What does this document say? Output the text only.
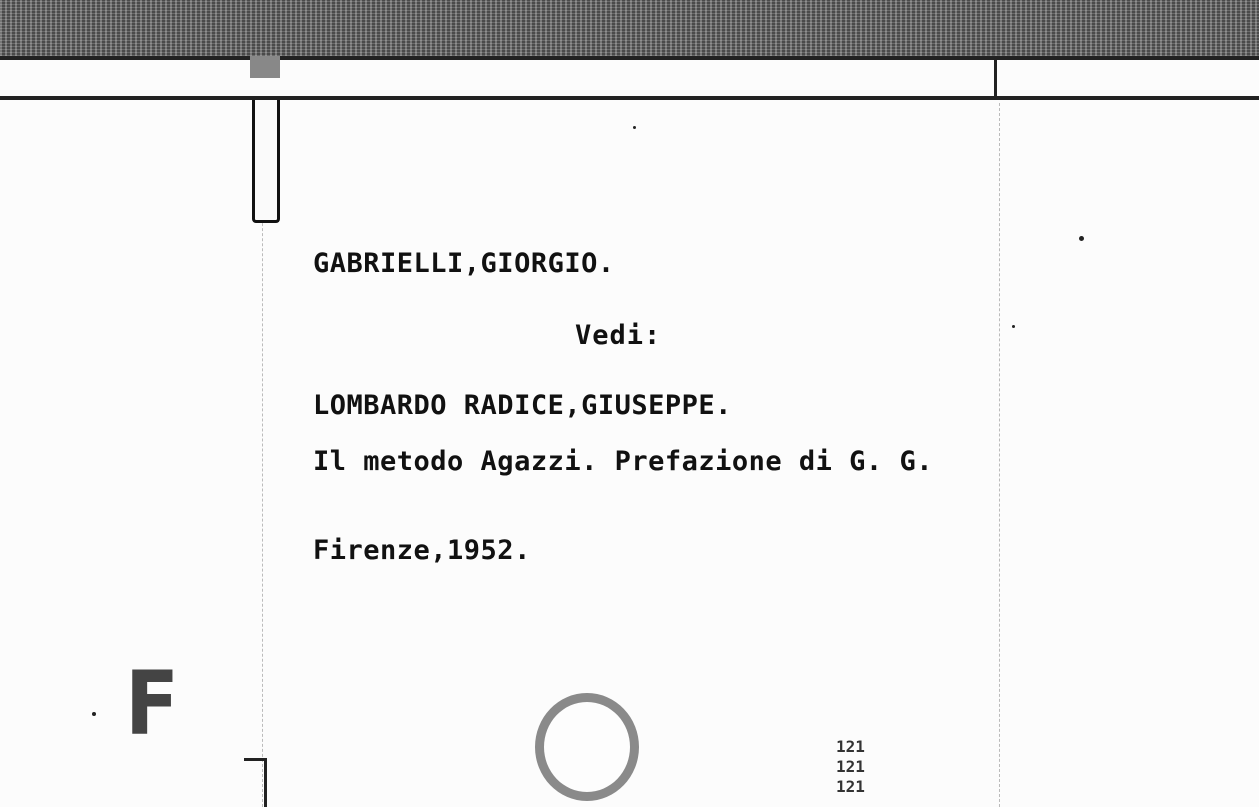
GABRIELLI,GIORGIO.
Vedi:
LOMBARDO RADICE,GIUSEPPE.
Il metodo Agazzi. Prefazione di G. G.
Firenze,1952.
F	121
121
121
